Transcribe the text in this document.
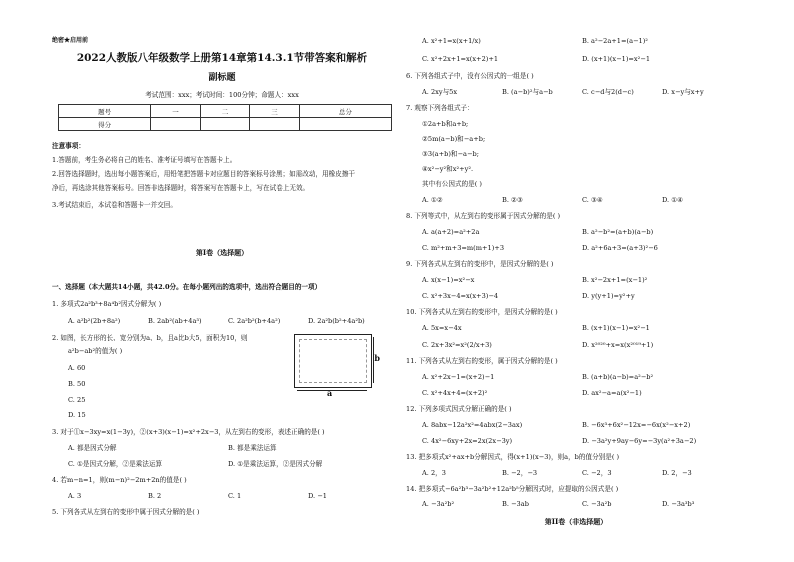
绝密★启用前
2022人教版八年级数学上册第14章第14.3.1节带答案和解析
副标题
考试范围：xxx；考试时间：100分钟；命题人：xxx
题号	一	二	三	总分
得分				
注意事项：
1.答题前，考生务必将自己的姓名、准考证号填写在答题卡上。
2.回答选择题时，选出每小题答案后，用铅笔把答题卡对应题目的答案标号涂黑；如需改动，用橡皮擦干
净后，再选涂其他答案标号。回答非选择题时，将答案写在答题卡上，写在试卷上无效。
3.考试结束后，本试卷和答题卡一并交回。
第I卷（选择题）
一、选择题（本大题共14小题，共42.0分。在每小题列出的选项中，选出符合题目的一项）
1. 多项式2a²b³+8a⁴b²因式分解为( )
A. a²b²(2b+8a²)	B. 2ab²(ab+4a³)	C. 2a²b²(b+4a²)	D. 2a²b(b²+4a²b)
2. 如图，长方形的长、宽分别为a、b，且a比b大5，面积为10，则
a²b−ab²的值为( )
A. 60
B. 50
C. 25
D. 15
b
a
3. 对于①x−3xy=x(1−3y)，②(x+3)(x−1)=x²+2x−3，从左到右的变形，表述正确的是( )
A. 都是因式分解	B. 都是乘法运算
C. ①是因式分解，②是乘法运算	D. ①是乘法运算，②是因式分解
4. 若m−n=1，则(m−n)²−2m+2n的值是( )
A. 3	B. 2	C. 1	D. −1
5. 下列各式从左到右的变形中属于因式分解的是( )
A. x²+1=x(x+1/x)	B. a²−2a+1=(a−1)²
C. x²+2x+1=x(x+2)+1	D. (x+1)(x−1)=x²−1
6. 下列各组式子中，没有公因式的一组是( )
A. 2xy与5x	B. (a−b)²与a−b	C. c−d与2(d−c)	D. x−y与x+y
7. 观察下列各组式子：
①2a+b和a+b;
②5m(a−b)和−a+b;
③3(a+b)和−a−b;
④x²−y²和x²+y².
其中有公因式的是( )
A. ①②	B. ②③	C. ③④	D. ①④
8. 下列等式中，从左到右的变形属于因式分解的是( )
A. a(a+2)=a²+2a	B. a²−b²=(a+b)(a−b)
C. m²+m+3=m(m+1)+3	D. a²+6a+3=(a+3)²−6
9. 下列各式从左到右的变形中，是因式分解的是( )
A. x(x−1)=x²−x	B. x²−2x+1=(x−1)²
C. x²+3x−4=x(x+3)−4	D. y(y+1)=y²+y
10. 下列各式从左到右的变形中，是因式分解的是( )
A. 5x=x−4x	B. (x+1)(x−1)=x²−1
C. 2x+3x²=x²(2/x+3)	D. x²⁰²⁰+x=x(x²⁰¹⁹+1)
11. 下列各式从左到右的变形，属于因式分解的是( )
A. x²+2x−1=(x+2)−1	B. (a+b)(a−b)=a²−b²
C. x²+4x+4=(x+2)²	D. ax²−a=a(x²−1)
12. 下列多项式因式分解正确的是( )
A. 8abx−12a²x²=4abx(2−3ax)	B. −6x³+6x²−12x=−6x(x²−x+2)
C. 4x²−6xy+2x=2x(2x−3y)	D. −3a²y+9ay−6y=−3y(a²+3a−2)
13. 把多项式x²+ax+b分解因式，得(x+1)(x−3)，则a，b的值分别是( )
A. 2，3	B. −2，−3	C. −2，3	D. 2，−3
14. 把多项式−6a²b³−3a²b²+12a²b⁵分解因式时，应提取的公因式是( )
A. −3a²b²	B. −3ab	C. −3a²b	D. −3a³b³
第II卷（非选择题）
